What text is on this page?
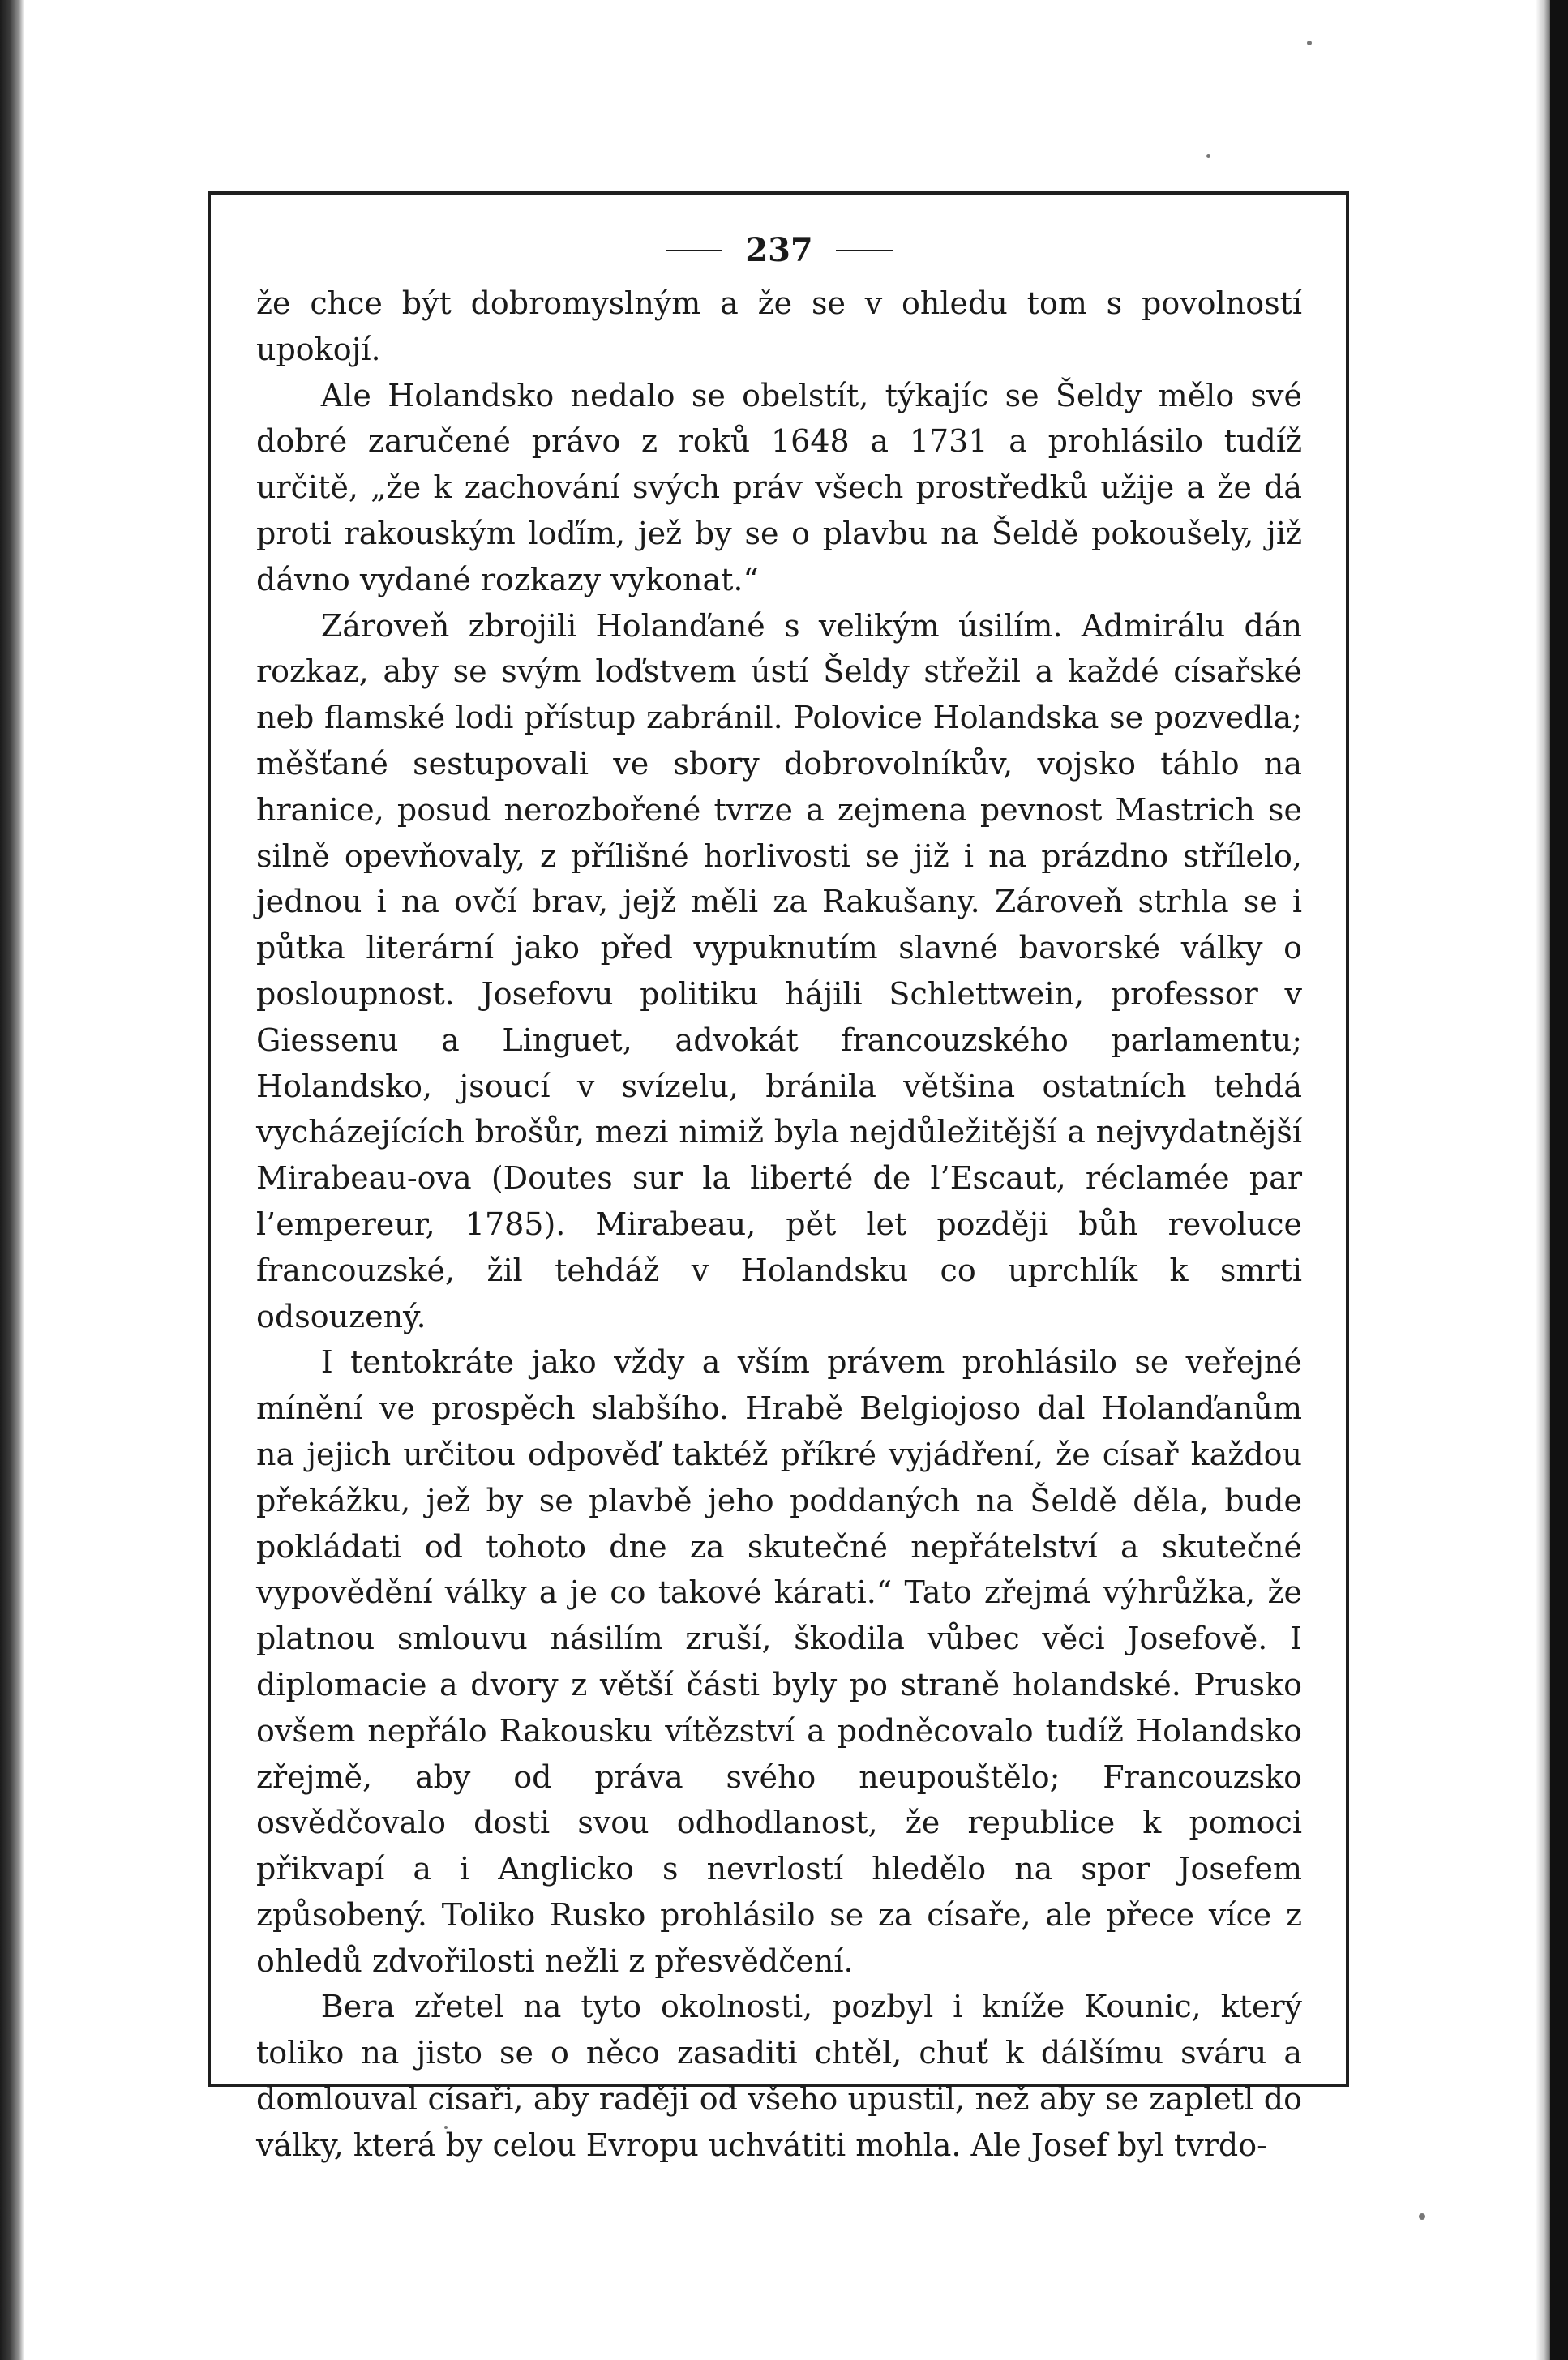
237

že chce být dobromyslným a že se v ohledu tom s povolností upokojí.

Ale Holandsko nedalo se obelstít, týkajíc se Šeldy mělo své dobré zaručené právo z roků 1648 a 1731 a prohlásilo tudíž určitě, „že k zachování svých práv všech prostředků užije a že dá proti rakouským loďím, jež by se o plavbu na Šeldě pokoušely, již dávno vydané rozkazy vykonat.“

Zároveň zbrojili Holanďané s velikým úsilím. Admirálu dán rozkaz, aby se svým loďstvem ústí Šeldy střežil a každé císařské neb flamské lodi přístup zabránil. Polovice Holandska se pozvedla; měšťané sestupovali ve sbory dobrovolníkův, vojsko táhlo na hranice, posud nerozbořené tvrze a zejmena pevnost Mastrich se silně opevňovaly, z přílišné horlivosti se již i na prázdno střílelo, jednou i na ovčí brav, jejž měli za Rakušany. Zároveň strhla se i půtka literární jako před vypuknutím slavné bavorské války o posloupnost. Josefovu politiku hájili Schlettwein, professor v Giessenu a Linguet, advokát francouzského parlamentu; Holandsko, jsoucí v svízelu, bránila většina ostatních tehdá vycházejících brošůr, mezi nimiž byla nejdůležitější a nejvydatnější Mirabeau-ova (Doutes sur la liberté de l’Escaut, réclamée par l’empereur, 1785). Mirabeau, pět let později bůh revoluce francouzské, žil tehdáž v Holandsku co uprchlík k smrti odsouzený.

I tentokráte jako vždy a vším právem prohlásilo se veřejné mínění ve prospěch slabšího. Hrabě Belgiojoso dal Holanďanům na jejich určitou odpověď taktéž příkré vyjádření, že císař každou překážku, jež by se plavbě jeho poddaných na Šeldě děla, bude pokládati od tohoto dne za skutečné nepřátelství a skutečné vypovědění války a je co takové kárati.“ Tato zřejmá výhrůžka, že platnou smlouvu násilím zruší, škodila vůbec věci Josefově. I diplomacie a dvory z větší části byly po straně holandské. Prusko ovšem nepřálo Rakousku vítězství a podněcovalo tudíž Holandsko zřejmě, aby od práva svého neupouštělo; Francouzsko osvědčovalo dosti svou odhodlanost, že republice k pomoci přikvapí a i Anglicko s nevrlostí hledělo na spor Josefem způsobený. Toliko Rusko prohlásilo se za císaře, ale přece více z ohledů zdvořilosti nežli z přesvědčení.

Bera zřetel na tyto okolnosti, pozbyl i kníže Kounic, který toliko na jisto se o něco zasaditi chtěl, chuť k dálšímu sváru a domlouval císaři, aby raději od všeho upustil, než aby se zapletl do války, která by celou Evropu uchvátiti mohla. Ale Josef byl tvrdo-
